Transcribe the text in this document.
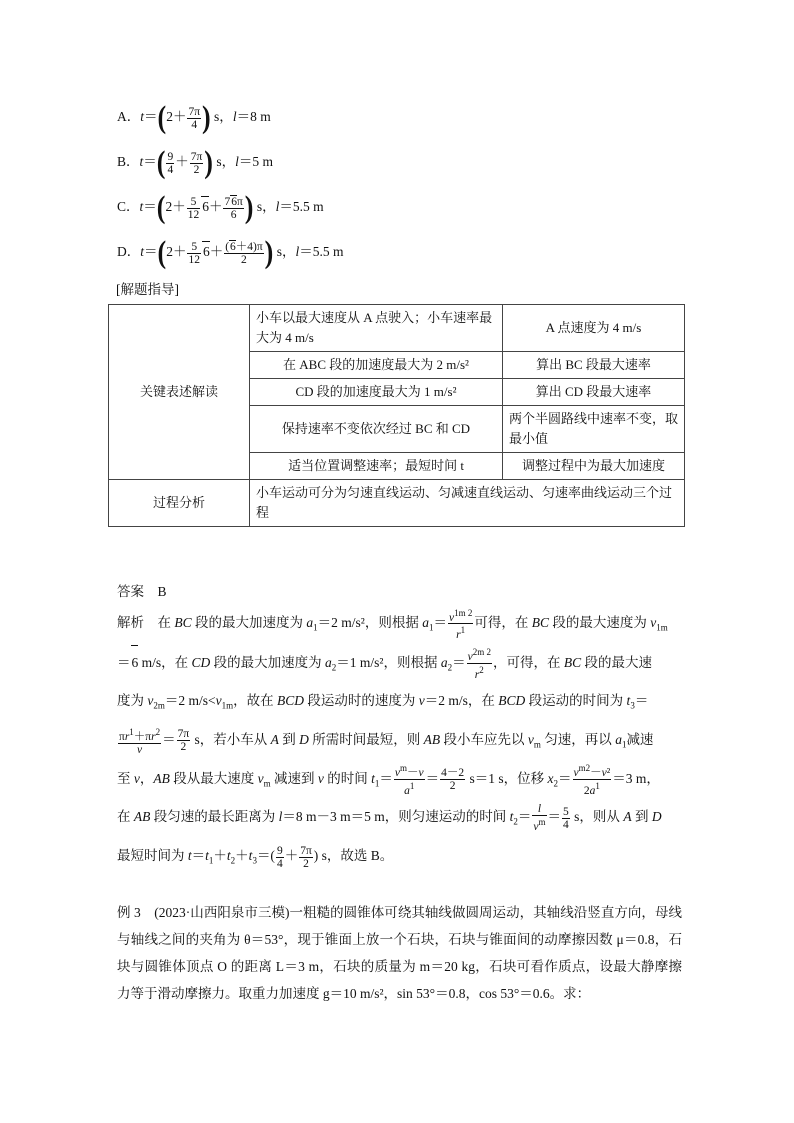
A．$t=(2+ \frac{7\pi}{4}$ ) s，l＝8 m
B．$t=( \frac{9}{4} + \frac{7\pi}{2}$ ) s，l＝5 m
C．$t=(2+ \frac{5}{12} 6+ \frac{76\pi}{6}$ ) s，l＝5.5 m
D．$t=(2+ \frac{5}{12} 6+ \frac{(6+4)\pi}{2}$ ) s，l＝5.5 m
[解题指导]
关键表述解读	小车以最大速度从 A 点驶入；小车速率最大为 4 m/s	A 点速度为 4 m/s
	在 ABC 段的加速度最大为 2 m/s²	算出 BC 段最大速率
	CD 段的加速度最大为 1 m/s²	算出 CD 段最大速率
	保持速率不变依次经过 BC 和 CD	两个半圆路线中速率不变，取最小值
	适当位置调整速率；最短时间 t	调整过程中为最大加速度
过程分析	小车运动可分为匀速直线运动、匀减速直线运动、匀速率曲线运动三个过程	
答案　B
解析　在 BC 段的最大加速度为 $a_1=2$ m/s²，则根据 $a_1= \frac{v^{1m 2}}{r^1}$ 可得，在 BC 段的最大速度为 $v_{1m}$
＝6 m/s，在 CD 段的最大加速度为 $a_2=1$ m/s²，则根据 $a_2= \frac{v^{2m 2}}{r^2}$ ，可得，在 BC 段的最大速
度为 $v_{2m}=2$ $m/s<v_{1m}$，故在 BCD 段运动时的速度为 v＝2 m/s，在 BCD 段运动的时间为 $t_3=$

$\frac{\pi r^1+\pi r^2}{v} = \frac{7\pi}{2}$ s，若小车从 A 到 D 所需时间最短，则 AB 段小车应先以 $v_m$ 匀速，再以 $a_1$减速
至 v，AB 段从最大速度 $v_m$ 减速到 v 的时间 $t_1= \frac{v^m-v}{a^1} = \frac{4-2}{2} s=1$ s，位移 $x_2= \frac{v^{m2}-v^2}{2a^1} =3$ m，
在 AB 段匀速的最长距离为 l＝8 m－3 m＝5 m，则匀速运动的时间 $t_2= \frac{l}{v^m} = \frac{5}{4}$ s，则从 A 到 D
最短时间为 $t=t_1+t_2+t_3=( \frac{9}{4} + \frac{7\pi}{2}$ ) s，故选 B。
例 3　(2023·山西阳泉市三模)一粗糙的圆锥体可绕其轴线做圆周运动，其轴线沿竖直方向，母线与轴线之间的夹角为 θ＝53°，现于锥面上放一个石块，石块与锥面间的动摩擦因数 μ＝0.8，石块与圆锥体顶点 O 的距离 L＝3 m，石块的质量为 m＝20 kg，石块可看作质点，设最大静摩擦力等于滑动摩擦力。取重力加速度 g＝10 m/s²，sin 53°＝0.8，cos 53°＝0.6。求：
